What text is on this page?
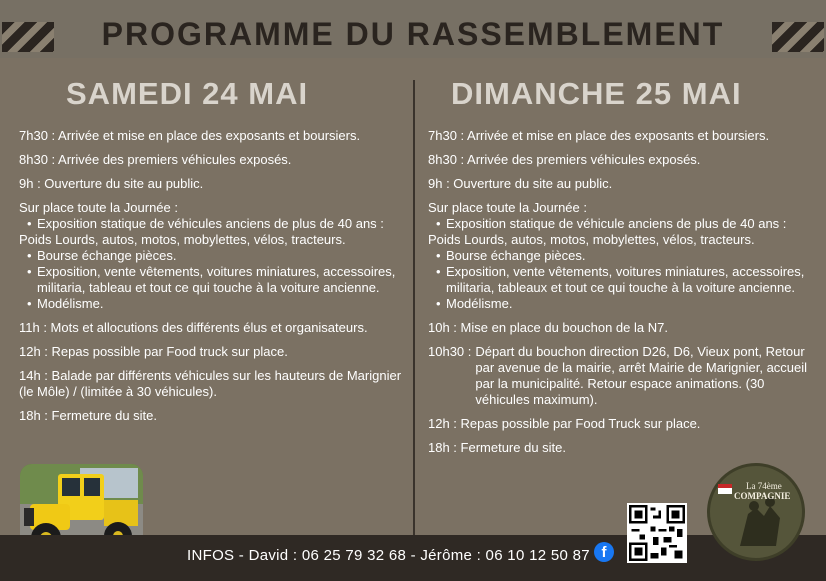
PROGRAMME DU RASSEMBLEMENT
SAMEDI 24 MAI	DIMANCHE 25 MAI

7h30 : Arrivée et mise en place des exposants et boursiers.

8h30 : Arrivée des premiers véhicules exposés.

9h : Ouverture du site au public.

Sur place toute la Journée :

• Exposition statique de véhicules anciens de plus de 40 ans :
Poids Lourds, autos, motos, mobylettes, vélos, tracteurs.
• Bourse échange pièces.
• Exposition, vente vêtements, voitures miniatures, accessoires, militaria, tableau et tout ce qui touche à la voiture ancienne.
• Modélisme.

11h : Mots et allocutions des différents élus et organisateurs.

12h : Repas possible par Food truck sur place.

14h : Balade par différents véhicules sur les hauteurs de Marignier (le Môle) / (limitée à 30 véhicules).

18h : Fermeture du site.

7h30 : Arrivée et mise en place des exposants et boursiers.

8h30 : Arrivée des premiers véhicules exposés.

9h : Ouverture du site au public.

Sur place toute la Journée :

• Exposition statique de véhicule anciens de plus de 40 ans :
Poids Lourds, autos, motos, mobylettes, vélos, tracteurs.
• Bourse échange pièces.
• Exposition, vente vêtements, voitures miniatures, accessoires, militaria, tableaux et tout ce qui touche à la voiture ancienne.
• Modélisme.

10h : Mise en place du bouchon de la N7.

10h30 : Départ du bouchon direction D26, D6, Vieux pont, Retour par avenue de la mairie, arrêt Mairie de Marignier, accueil par la municipalité. Retour espace animations. (30 véhicules maximum).

12h : Repas possible par Food Truck sur place.

18h : Fermeture du site.

INFOS - David : 06 25 79 32 68 - Jérôme : 06 10 12 50 87 f
La 74ème
COMPAGNIE
